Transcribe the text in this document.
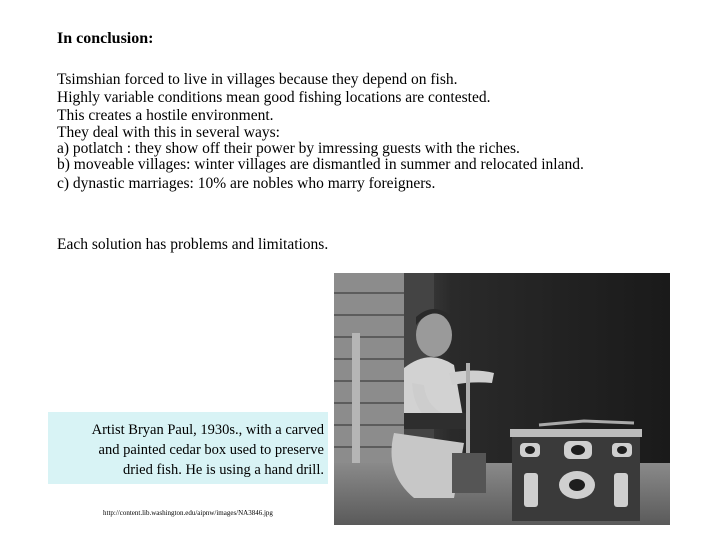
In conclusion:
Tsimshian forced to live in villages because they depend on fish.
Highly variable conditions mean good fishing locations are contested.
This creates a hostile environment.
They deal with this in several ways:
a) potlatch : they show off their power by imressing guests with the riches.
b) moveable villages: winter villages are dismantled in summer and relocated inland.
c) dynastic marriages: 10% are nobles who marry foreigners.
Each solution has problems and limitations.
Artist Bryan Paul, 1930s., with a carved
and painted cedar box used to preserve
dried fish. He is using a hand drill.
http://content.lib.washington.edu/aipnw/images/NA3846.jpg
